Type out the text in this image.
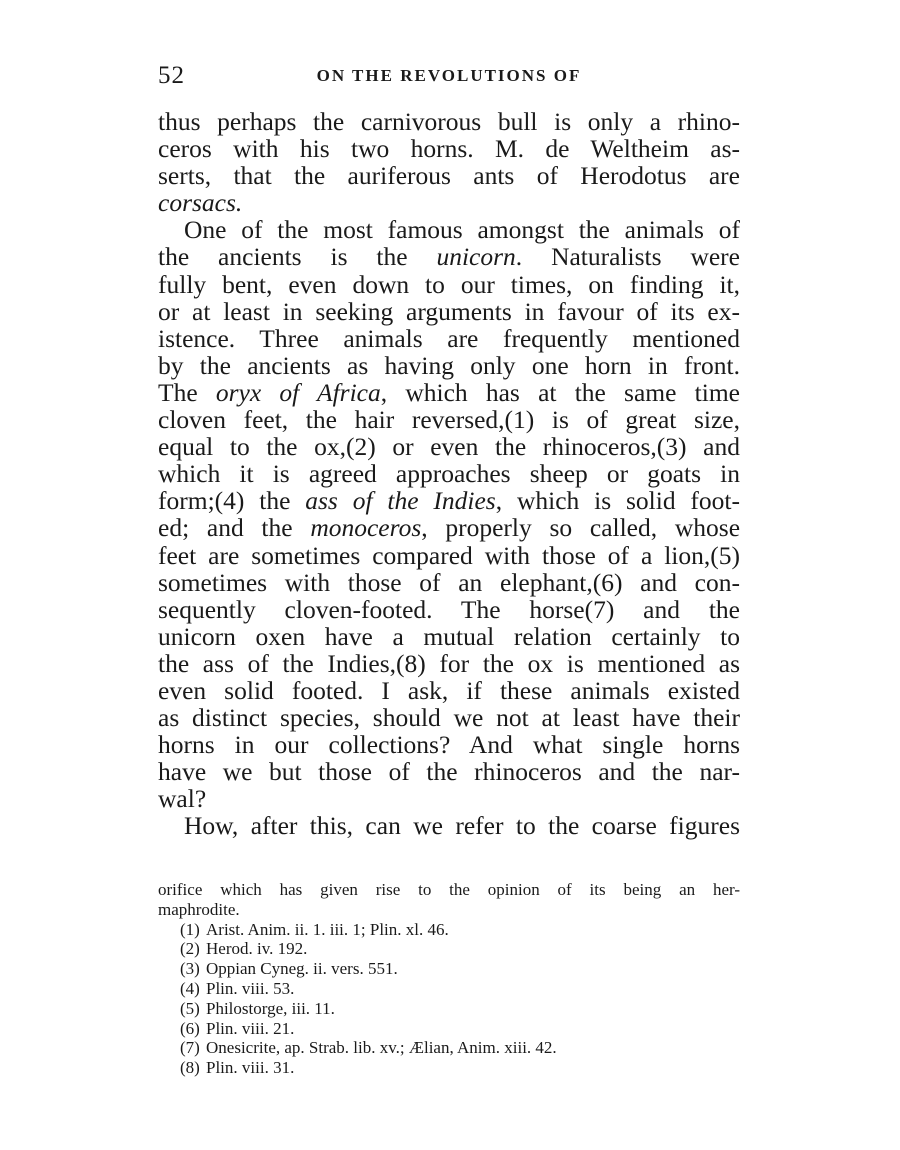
52	ON THE REVOLUTIONS OF
thus perhaps the carnivorous bull is only a rhino-
ceros with his two horns. M. de Weltheim as-
serts, that the auriferous ants of Herodotus are
corsacs.
One of the most famous amongst the animals of
the ancients is the unicorn. Naturalists were
fully bent, even down to our times, on finding it,
or at least in seeking arguments in favour of its ex-
istence. Three animals are frequently mentioned
by the ancients as having only one horn in front.
The oryx of Africa, which has at the same time
cloven feet, the hair reversed,(1) is of great size,
equal to the ox,(2) or even the rhinoceros,(3) and
which it is agreed approaches sheep or goats in
form;(4) the ass of the Indies, which is solid foot-
ed; and the monoceros, properly so called, whose
feet are sometimes compared with those of a lion,(5)
sometimes with those of an elephant,(6) and con-
sequently cloven-footed. The horse(7) and the
unicorn oxen have a mutual relation certainly to
the ass of the Indies,(8) for the ox is mentioned as
even solid footed. I ask, if these animals existed
as distinct species, should we not at least have their
horns in our collections? And what single horns
have we but those of the rhinoceros and the nar-
wal?
How, after this, can we refer to the coarse figures
orifice which has given rise to the opinion of its being an her-
maphrodite.
(1) Arist. Anim. ii. 1. iii. 1; Plin. xl. 46.
(2) Herod. iv. 192.
(3) Oppian Cyneg. ii. vers. 551.
(4) Plin. viii. 53.
(5) Philostorge, iii. 11.
(6) Plin. viii. 21.
(7) Onesicrite, ap. Strab. lib. xv.; Ælian, Anim. xiii. 42.
(8) Plin. viii. 31.
